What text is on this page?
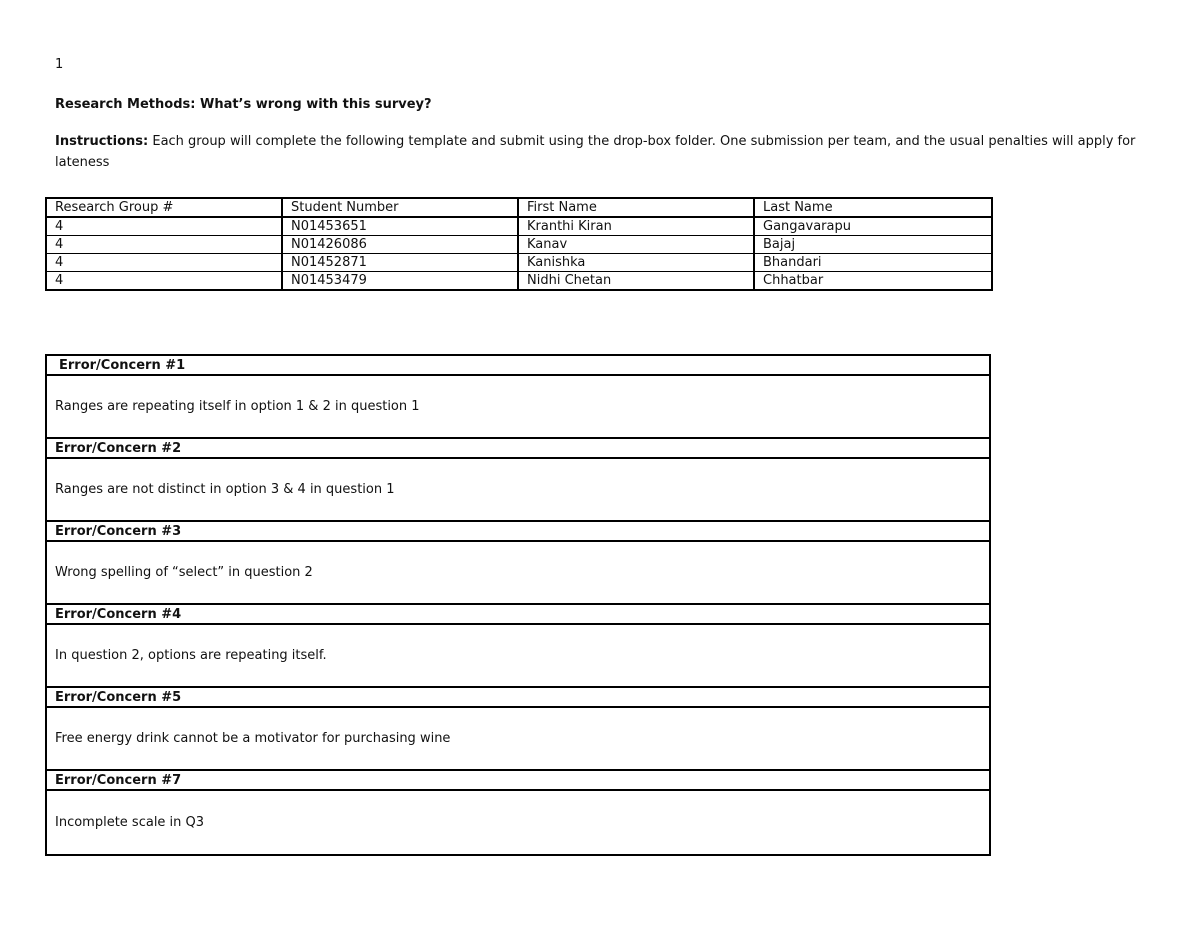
1
Research Methods: What’s wrong with this survey?

Instructions: Each group will complete the following template and submit using the drop-box folder. One submission per team, and the usual penalties will apply for lateness

Research Group #	Student Number	First Name	Last Name
4	N01453651	Kranthi Kiran	Gangavarapu
4	N01426086	Kanav	Bajaj
4	N01452871	Kanishka	Bhandari
4	N01453479	Nidhi Chetan	Chhatbar
Error/Concern #1
Ranges are repeating itself in option 1 & 2 in question 1
Error/Concern #2
Ranges are not distinct in option 3 & 4 in question 1
Error/Concern #3
Wrong spelling of “select” in question 2
Error/Concern #4
In question 2, options are repeating itself.
Error/Concern #5
Free energy drink cannot be a motivator for purchasing wine
Error/Concern #7
Incomplete scale in Q3
